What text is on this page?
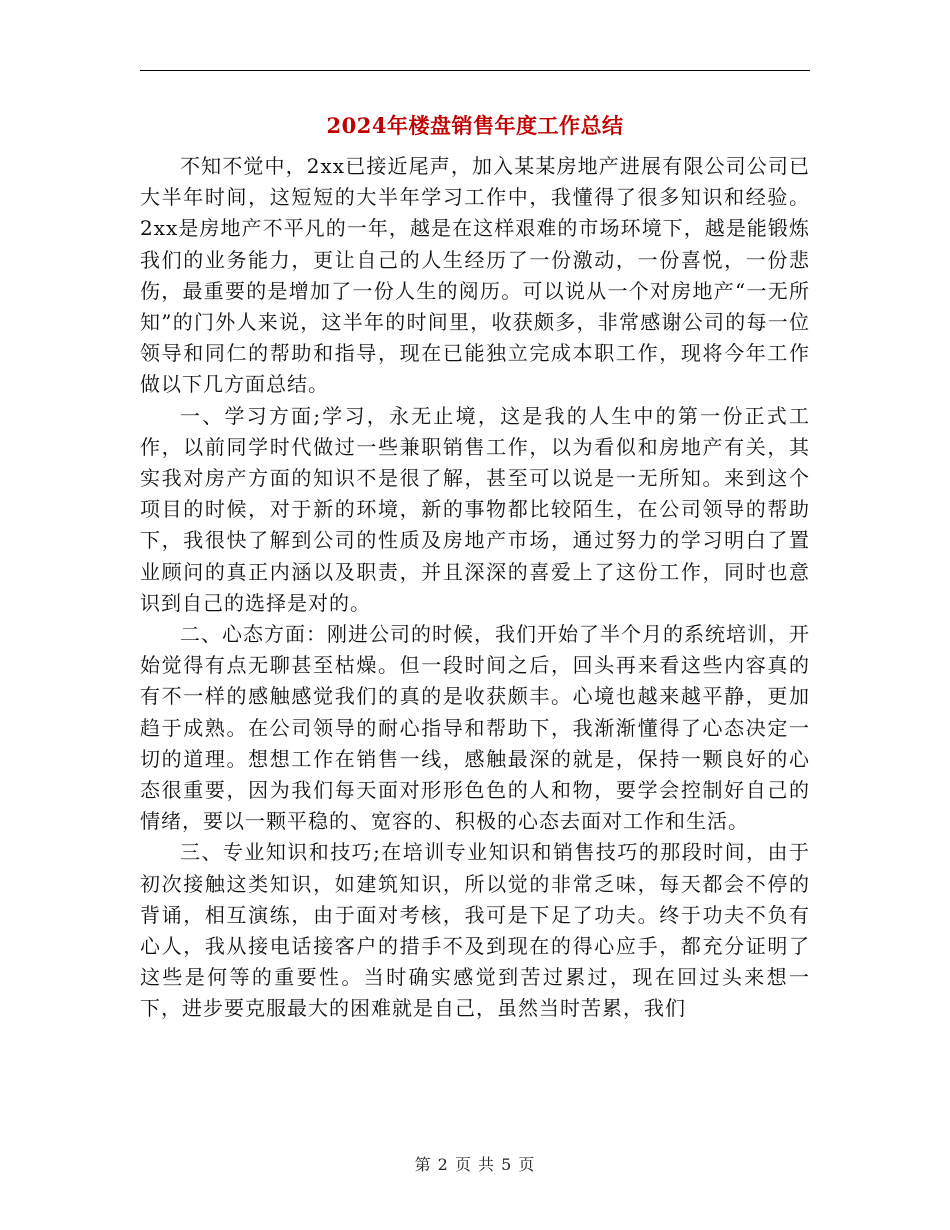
2024年楼盘销售年度工作总结

不知不觉中，2xx已接近尾声，加入某某房地产进展有限公司公司已大半年时间，这短短的大半年学习工作中，我懂得了很多知识和经验。2xx是房地产不平凡的一年，越是在这样艰难的市场环境下，越是能锻炼我们的业务能力，更让自己的人生经历了一份激动，一份喜悦，一份悲伤，最重要的是增加了一份人生的阅历。可以说从一个对房地产“一无所知”的门外人来说，这半年的时间里，收获颇多，非常感谢公司的每一位领导和同仁的帮助和指导，现在已能独立完成本职工作，现将今年工作做以下几方面总结。

一、学习方面;学习，永无止境，这是我的人生中的第一份正式工作，以前同学时代做过一些兼职销售工作，以为看似和房地产有关，其实我对房产方面的知识不是很了解，甚至可以说是一无所知。来到这个项目的时候，对于新的环境，新的事物都比较陌生，在公司领导的帮助下，我很快了解到公司的性质及房地产市场，通过努力的学习明白了置业顾问的真正内涵以及职责，并且深深的喜爱上了这份工作，同时也意识到自己的选择是对的。

二、心态方面：刚进公司的时候，我们开始了半个月的系统培训，开始觉得有点无聊甚至枯燥。但一段时间之后，回头再来看这些内容真的有不一样的感触感觉我们的真的是收获颇丰。心境也越来越平静，更加趋于成熟。在公司领导的耐心指导和帮助下，我渐渐懂得了心态决定一切的道理。想想工作在销售一线，感触最深的就是，保持一颗良好的心态很重要，因为我们每天面对形形色色的人和物，要学会控制好自己的情绪，要以一颗平稳的、宽容的、积极的心态去面对工作和生活。

三、专业知识和技巧;在培训专业知识和销售技巧的那段时间，由于初次接触这类知识，如建筑知识，所以觉的非常乏味，每天都会不停的背诵，相互演练，由于面对考核，我可是下足了功夫。终于功夫不负有心人，我从接电话接客户的措手不及到现在的得心应手，都充分证明了这些是何等的重要性。当时确实感觉到苦过累过，现在回过头来想一下，进步要克服最大的困难就是自己，虽然当时苦累，我们

第 2 页 共 5 页
